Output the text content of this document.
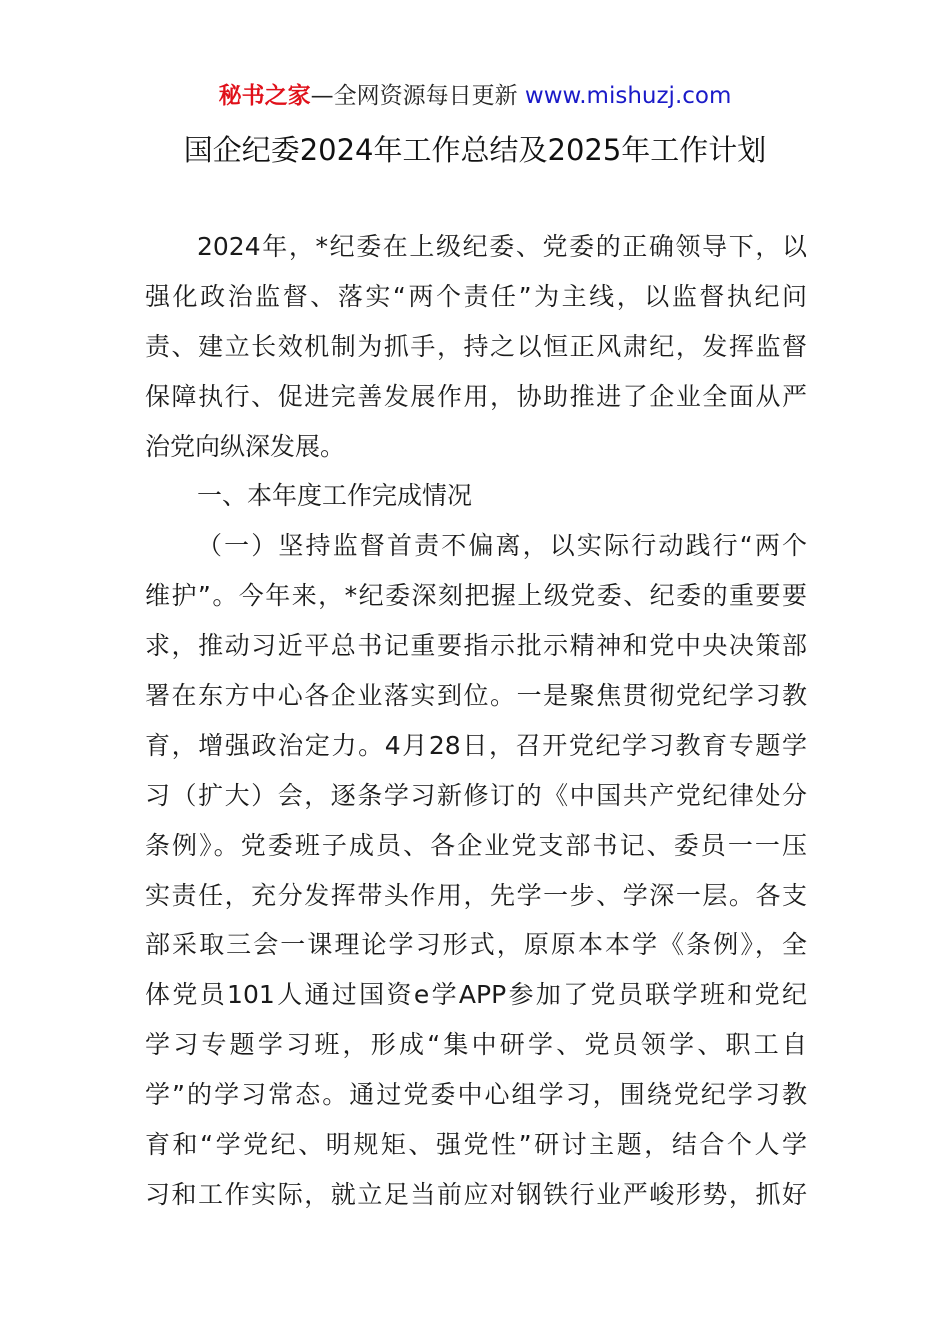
秘书之家—全网资源每日更新 www.mishuzj.com
国企纪委2024年工作总结及2025年工作计划
2024年，*纪委在上级纪委、党委的正确领导下，以
强化政治监督、落实“两个责任”为主线，以监督执纪问
责、建立长效机制为抓手，持之以恒正风肃纪，发挥监督
保障执行、促进完善发展作用，协助推进了企业全面从严
治党向纵深发展。
一、本年度工作完成情况
（一）坚持监督首责不偏离，以实际行动践行“两个
维护”。今年来，*纪委深刻把握上级党委、纪委的重要要
求，推动习近平总书记重要指示批示精神和党中央决策部
署在东方中心各企业落实到位。一是聚焦贯彻党纪学习教
育，增强政治定力。4月28日，召开党纪学习教育专题学
习（扩大）会，逐条学习新修订的《中国共产党纪律处分
条例》。党委班子成员、各企业党支部书记、委员一一压
实责任，充分发挥带头作用，先学一步、学深一层。各支
部采取三会一课理论学习形式，原原本本学《条例》，全
体党员101人通过国资e学APP参加了党员联学班和党纪
学习专题学习班，形成“集中研学、党员领学、职工自
学”的学习常态。通过党委中心组学习，围绕党纪学习教
育和“学党纪、明规矩、强党性”研讨主题，结合个人学
习和工作实际，就立足当前应对钢铁行业严峻形势，抓好
